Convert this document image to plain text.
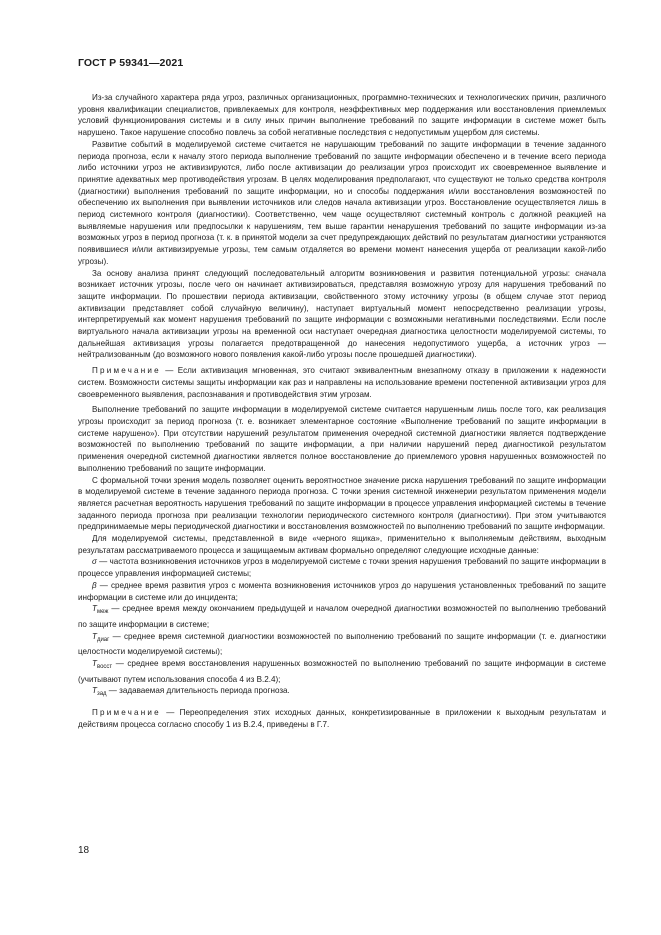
ГОСТ Р 59341—2021

Из-за случайного характера ряда угроз, различных организационных, программно-технических и технологических причин, различного уровня квалификации специалистов, привлекаемых для контроля, неэффективных мер поддержания или восстановления приемлемых условий функционирования системы и в силу иных причин выполнение требований по защите информации в системе может быть нарушено. Такое нарушение способно повлечь за собой негативные последствия с недопустимым ущербом для системы.

Развитие событий в моделируемой системе считается не нарушающим требований по защите информации в течение заданного периода прогноза, если к началу этого периода выполнение требований по защите информации обеспечено и в течение всего периода либо источники угроз не активизируются, либо после активизации до реализации угроз происходит их своевременное выявление и принятие адекватных мер противодействия угрозам. В целях моделирования предполагают, что существуют не только средства контроля (диагностики) выполнения требований по защите информации, но и способы поддержания и/или восстановления возможностей по обеспечению их выполнения при выявлении источников или следов начала активизации угроз. Восстановление осуществляется лишь в период системного контроля (диагностики). Соответственно, чем чаще осуществляют системный контроль с должной реакцией на выявляемые нарушения или предпосылки к нарушениям, тем выше гарантии ненарушения требований по защите информации из-за возможных угроз в период прогноза (т. к. в принятой модели за счет предупреждающих действий по результатам диагностики устраняются появившиеся и/или активизируемые угрозы, тем самым отдаляется во времени момент нанесения ущерба от реализации какой-либо угрозы).

За основу анализа принят следующий последовательный алгоритм возникновения и развития потенциальной угрозы: сначала возникает источник угрозы, после чего он начинает активизироваться, представляя возможную угрозу для нарушения требований по защите информации. По прошествии периода активизации, свойственного этому источнику угрозы (в общем случае этот период активизации представляет собой случайную величину), наступает виртуальный момент непосредственно реализации угрозы, интерпретируемый как момент нарушения требований по защите информации с возможными негативными последствиями. Если после виртуального начала активизации угрозы на временной оси наступает очередная диагностика целостности моделируемой системы, то дальнейшая активизация угрозы полагается предотвращенной до нанесения недопустимого ущерба, а источник угроз — нейтрализованным (до возможного нового появления какой-либо угрозы после прошедшей диагностики).

Примечание — Если активизация мгновенная, это считают эквивалентным внезапному отказу в приложении к надежности систем. Возможности системы защиты информации как раз и направлены на использование времени постепенной активизации угроз для своевременного выявления, распознавания и противодействия этим угрозам.

Выполнение требований по защите информации в моделируемой системе считается нарушенным лишь после того, как реализация угрозы происходит за период прогноза (т. е. возникает элементарное состояние «Выполнение требований по защите информации в системе нарушено»). При отсутствии нарушений результатом применения очередной системной диагностики является подтверждение возможностей по выполнению требований по защите информации, а при наличии нарушений перед диагностикой результатом применения очередной системной диагностики является полное восстановление до приемлемого уровня нарушенных возможностей по выполнению требований по защите информации.

С формальной точки зрения модель позволяет оценить вероятностное значение риска нарушения требований по защите информации в моделируемой системе в течение заданного периода прогноза. С точки зрения системной инженерии результатом применения модели является расчетная вероятность нарушения требований по защите информации в процессе управления информацией системы в течение заданного периода прогноза при реализации технологии периодического системного контроля (диагностики). При этом учитываются предпринимаемые меры периодической диагностики и восстановления возможностей по выполнению требований по защите информации.

Для моделируемой системы, представленной в виде «черного ящика», применительно к выполняемым действиям, выходным результатам рассматриваемого процесса и защищаемым активам формально определяют следующие исходные данные:

σ — частота возникновения источников угроз в моделируемой системе с точки зрения нарушения требований по защите информации в процессе управления информацией системы;

β — среднее время развития угроз с момента возникновения источников угроз до нарушения установленных требований по защите информации в системе или до инцидента;

$T_{меж}$ — среднее время между окончанием предыдущей и началом очередной диагностики возможностей по выполнению требований по защите информации в системе;

$T_{диаг}$ — среднее время системной диагностики возможностей по выполнению требований по защите информации (т. е. диагностики целостности моделируемой системы);

$T_{восст}$ — среднее время восстановления нарушенных возможностей по выполнению требований по защите информации в системе (учитывают путем использования способа 4 из В.2.4);

$T_{зад}$ — задаваемая длительность периода прогноза.

Примечание — Переопределения этих исходных данных, конкретизированные в приложении к выходным результатам и действиям процесса согласно способу 1 из В.2.4, приведены в Г.7.

18
